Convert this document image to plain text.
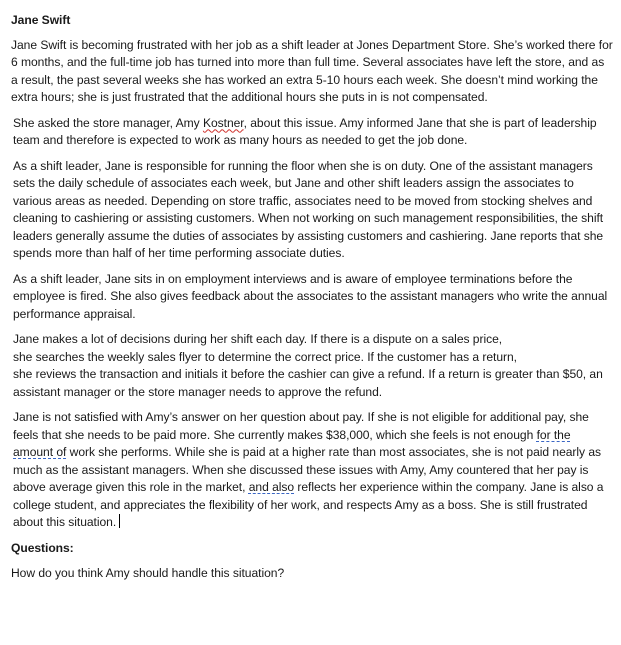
Jane Swift

Jane Swift is becoming frustrated with her job as a shift leader at Jones Department Store. She’s worked there for 6 months, and the full-time job has turned into more than full time. Several associates have left the store, and as a result, the past several weeks she has worked an extra 5-10 hours each week. She doesn’t mind working the extra hours; she is just frustrated that the additional hours she puts in is not compensated.

She asked the store manager, Amy Kostner, about this issue. Amy informed Jane that she is part of leadership team and therefore is expected to work as many hours as needed to get the job done.

As a shift leader, Jane is responsible for running the floor when she is on duty. One of the assistant managers sets the daily schedule of associates each week, but Jane and other shift leaders assign the associates to various areas as needed. Depending on store traffic, associates need to be moved from stocking shelves and cleaning to cashiering or assisting customers. When not working on such management responsibilities, the shift leaders generally assume the duties of associates by assisting customers and cashiering. Jane reports that she spends more than half of her time performing associate duties.

As a shift leader, Jane sits in on employment interviews and is aware of employee terminations before the employee is fired. She also gives feedback about the associates to the assistant managers who write the annual performance appraisal.

Jane makes a lot of decisions during her shift each day. If there is a dispute on a sales price,
she searches the weekly sales flyer to determine the correct price. If the customer has a return,
she reviews the transaction and initials it before the cashier can give a refund. If a return is greater than $50, an assistant manager or the store manager needs to approve the refund.

Jane is not satisfied with Amy’s answer on her question about pay. If she is not eligible for additional pay, she feels that she needs to be paid more. She currently makes $38,000, which she feels is not enough for the amount of work she performs. While she is paid at a higher rate than most associates, she is not paid nearly as much as the assistant managers. When she discussed these issues with Amy, Amy countered that her pay is above average given this role in the market, and also reflects her experience within the company. Jane is also a college student, and appreciates the flexibility of her work, and respects Amy as a boss. She is still frustrated about this situation.

Questions:

How do you think Amy should handle this situation?
